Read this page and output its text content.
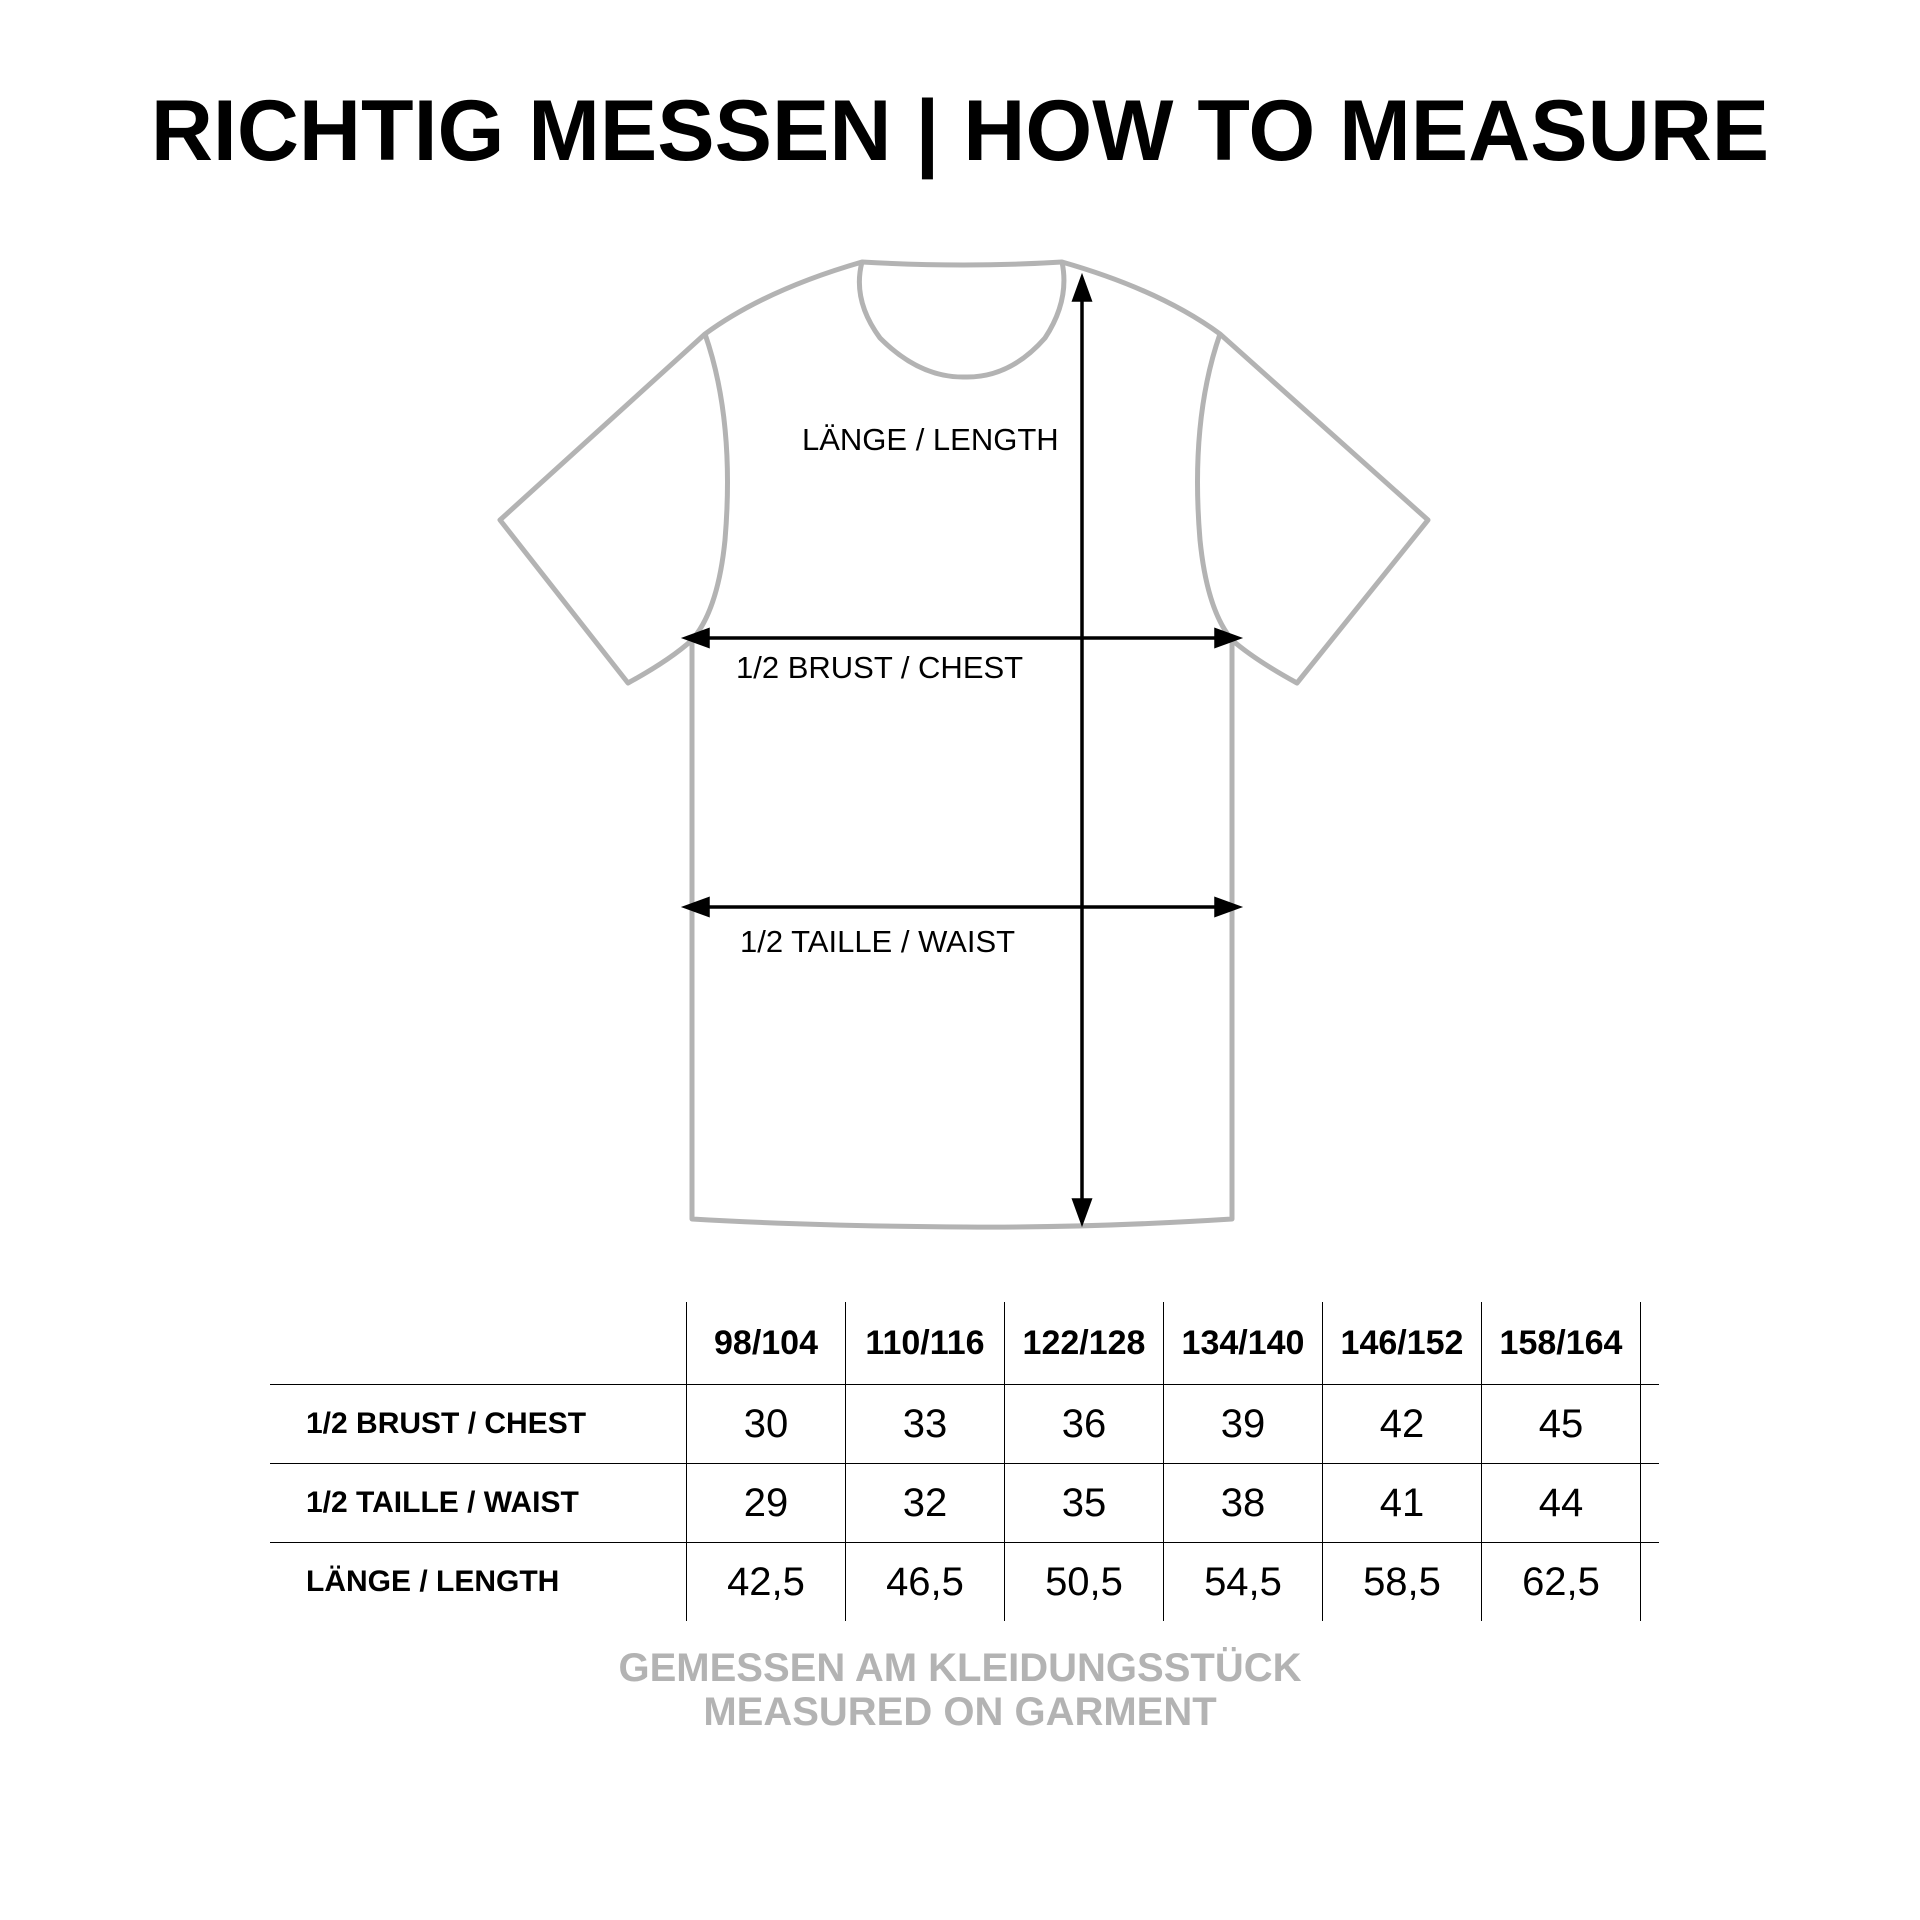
RICHTIG MESSEN | HOW TO MEASURE
LÄNGE / LENGTH
1/2 BRUST / CHEST
1/2 TAILLE / WAIST
	98/104	110/116	122/128	134/140	146/152	158/164	
1/2 BRUST / CHEST	30	33	36	39	42	45	
1/2 TAILLE / WAIST	29	32	35	38	41	44	
LÄNGE / LENGTH	42,5	46,5	50,5	54,5	58,5	62,5	
GEMESSEN AM KLEIDUNGSSTÜCK
MEASURED ON GARMENT
